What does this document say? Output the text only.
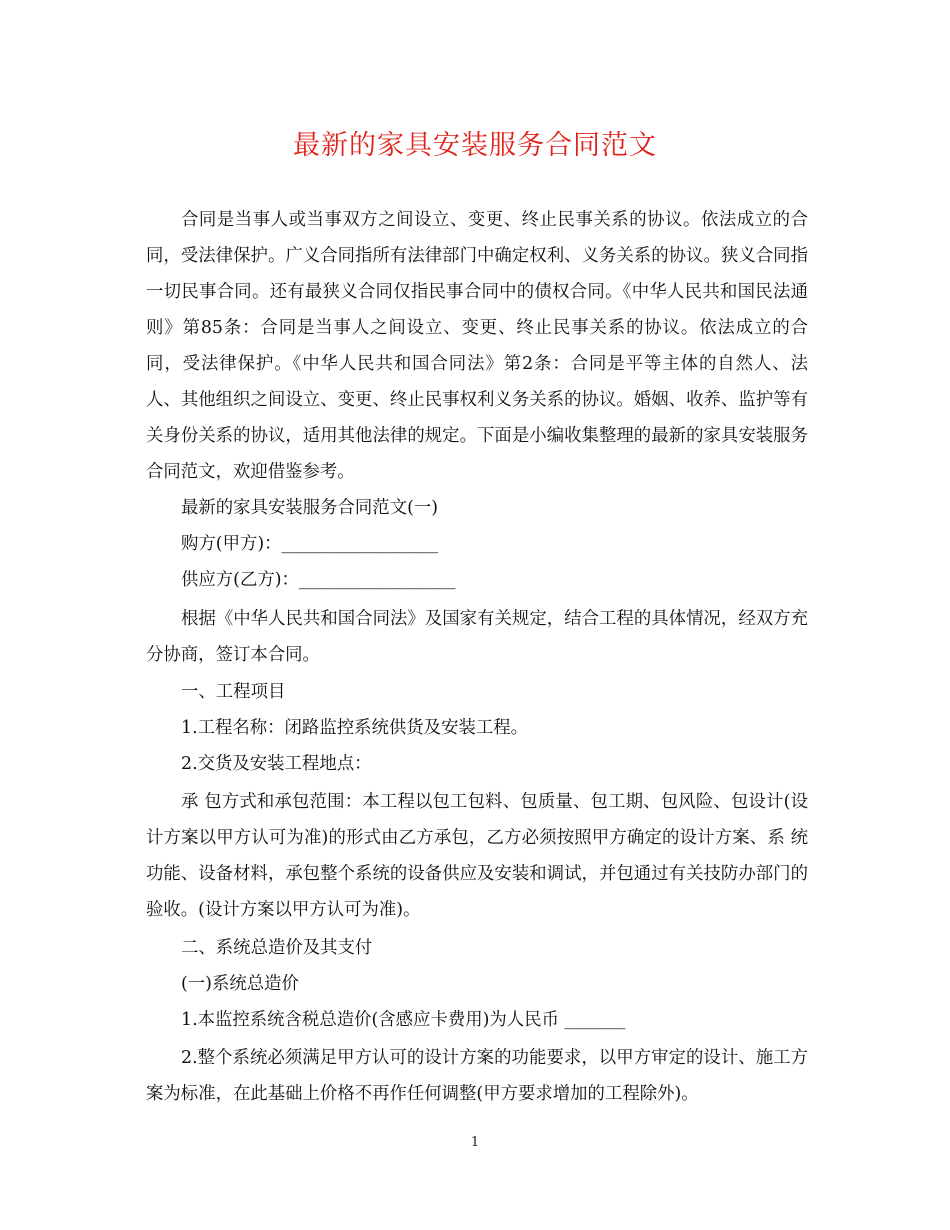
最新的家具安装服务合同范文

合同是当事人或当事双方之间设立、变更、终止民事关系的协议。依法成立的合同，受法律保护。广义合同指所有法律部门中确定权利、义务关系的协议。狭义合同指一切民事合同。还有最狭义合同仅指民事合同中的债权合同。《中华人民共和国民法通则》第85条：合同是当事人之间设立、变更、终止民事关系的协议。依法成立的合同，受法律保护。《中华人民共和国合同法》第2条：合同是平等主体的自然人、法人、其他组织之间设立、变更、终止民事权利义务关系的协议。婚姻、收养、监护等有关身份关系的协议，适用其他法律的规定。下面是小编收集整理的最新的家具安装服务合同范文，欢迎借鉴参考。

最新的家具安装服务合同范文(一)

购方(甲方)：__________________

供应方(乙方)：__________________

根据《中华人民共和国合同法》及国家有关规定，结合工程的具体情况，经双方充分协商，签订本合同。

一、工程项目

1.工程名称：闭路监控系统供货及安装工程。

2.交货及安装工程地点：

承 包方式和承包范围：本工程以包工包料、包质量、包工期、包风险、包设计(设计方案以甲方认可为准)的形式由乙方承包，乙方必须按照甲方确定的设计方案、系 统功能、设备材料，承包整个系统的设备供应及安装和调试，并包通过有关技防办部门的验收。(设计方案以甲方认可为准)。

二、系统总造价及其支付

(一)系统总造价

1.本监控系统含税总造价(含感应卡费用)为人民币 _______

2.整个系统必须满足甲方认可的设计方案的功能要求，以甲方审定的设计、施工方案为标准，在此基础上价格不再作任何调整(甲方要求增加的工程除外)。

1
